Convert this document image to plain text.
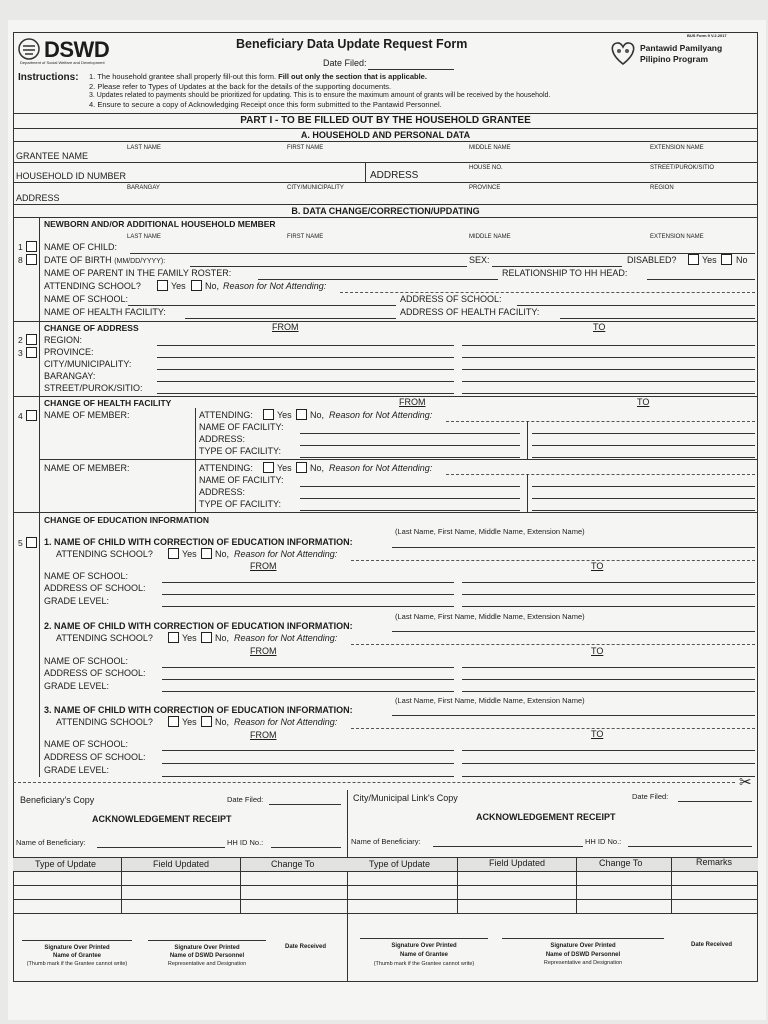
DSWD
Department of Social Welfare and Development
Beneficiary Data Update Request Form
BUS Form 9 V.2.2017
Date Filed:
Pantawid Pamilyang
Pilipino Program
Instructions: 1. The household grantee shall properly fill-out this form. Fill out only the section that is applicable.
2. Please refer to Types of Updates at the back for the details of the supporting documents.
3. Updates related to payments should be prioritized for updating. This is to ensure the maximum amount of grants will be received by the household.
4. Ensure to secure a copy of Acknowledging Receipt once this form submitted to the Pantawid Personnel.
PART I - TO BE FILLED OUT BY THE HOUSEHOLD GRANTEE
A. HOUSEHOLD AND PERSONAL DATA
LAST NAME	FIRST NAME	MIDDLE NAME	EXTENSION NAME
GRANTEE NAME
HOUSE NO.	STREET/PUROK/SITIO
HOUSEHOLD ID NUMBER	ADDRESS
BARANGAY	CITY/MUNICIPALITY	PROVINCE	REGION
ADDRESS
B. DATA CHANGE/CORRECTION/UPDATING
NEWBORN AND/OR ADDITIONAL HOUSEHOLD MEMBER
LAST NAME	FIRST NAME	MIDDLE NAME	EXTENSION NAME
1 NAME OF CHILD:
8 DATE OF BIRTH (MM/DD/YYYY):	SEX:	DISABLED?	Yes No
NAME OF PARENT IN THE FAMILY ROSTER:	RELATIONSHIP TO HH HEAD:
ATTENDING SCHOOL?	Yes No, Reason for Not Attending:
NAME OF SCHOOL:	ADDRESS OF SCHOOL:
NAME OF HEALTH FACILITY:	ADDRESS OF HEALTH FACILITY:
CHANGE OF ADDRESS	FROM	TO
2
3
REGION:
PROVINCE:
CITY/MUNICIPALITY:
BARANGAY:
STREET/PUROK/SITIO:
CHANGE OF HEALTH FACILITY	FROM	TO
4 NAME OF MEMBER:	ATTENDING:	Yes No, Reason for Not Attending:
NAME OF FACILITY:
ADDRESS:
TYPE OF FACILITY:
NAME OF MEMBER:	ATTENDING:	Yes No, Reason for Not Attending:
NAME OF FACILITY:
ADDRESS:
TYPE OF FACILITY:
CHANGE OF EDUCATION INFORMATION
5
(Last Name, First Name, Middle Name, Extension Name)
1. NAME OF CHILD WITH CORRECTION OF EDUCATION INFORMATION:
ATTENDING SCHOOL?	Yes No, Reason for Not Attending:
FROM	TO
NAME OF SCHOOL:
ADDRESS OF SCHOOL:
GRADE LEVEL:
(Last Name, First Name, Middle Name, Extension Name)
2. NAME OF CHILD WITH CORRECTION OF EDUCATION INFORMATION:
ATTENDING SCHOOL?	Yes No, Reason for Not Attending:
FROM	TO
NAME OF SCHOOL:
ADDRESS OF SCHOOL:
GRADE LEVEL:
(Last Name, First Name, Middle Name, Extension Name)
3. NAME OF CHILD WITH CORRECTION OF EDUCATION INFORMATION:
ATTENDING SCHOOL?	Yes No, Reason for Not Attending:
FROM	TO
NAME OF SCHOOL:
ADDRESS OF SCHOOL:
GRADE LEVEL:
✂
Beneficiary's Copy	Date Filed:
ACKNOWLEDGEMENT RECEIPT
Name of Beneficiary:	HH ID No.:
Type of Update	Field Updated	Change To
Signature Over Printed
Name of Grantee
(Thumb mark if the Grantee cannot write)
Signature Over Printed
Name of DSWD Personnel
Representative and Designation
Date Received
City/Municipal Link's Copy	Date Filed:
ACKNOWLEDGEMENT RECEIPT
Name of Beneficiary:	HH ID No.:
Type of Update	Field Updated	Change To	Remarks
Signature Over Printed
Name of Grantee
(Thumb mark if the Grantee cannot write)
Signature Over Printed
Name of DSWD Personnel
Representative and Designation
Date Received
